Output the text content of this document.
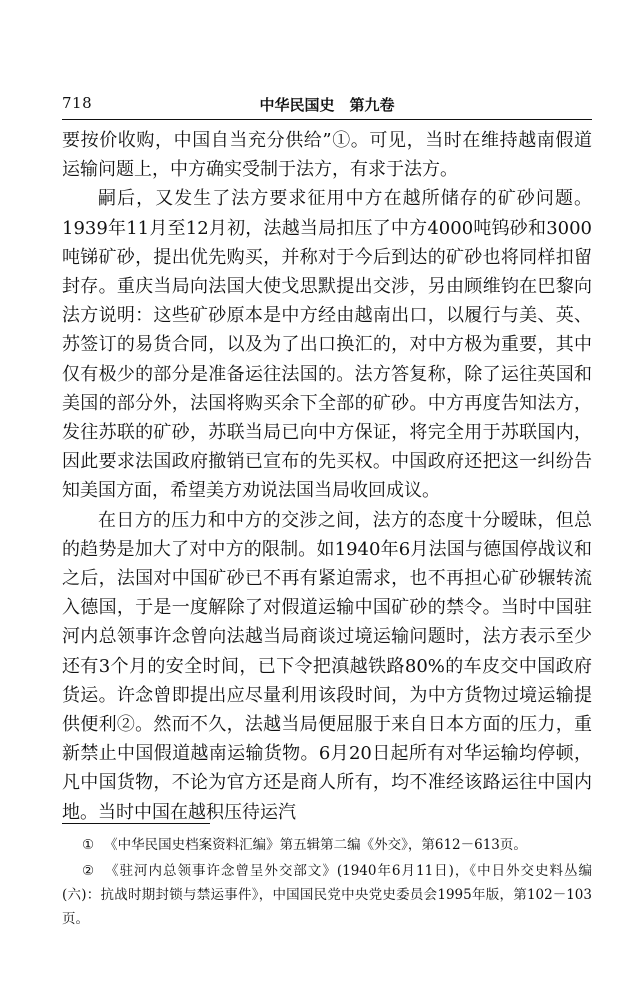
718	中华民国史　第九卷

要按价收购，中国自当充分供给”①。可见，当时在维持越南假道运输问题上，中方确实受制于法方，有求于法方。

嗣后，又发生了法方要求征用中方在越所储存的矿砂问题。1939年11月至12月初，法越当局扣压了中方4000吨钨砂和3000吨锑矿砂，提出优先购买，并称对于今后到达的矿砂也将同样扣留封存。重庆当局向法国大使戈思默提出交涉，另由顾维钧在巴黎向法方说明：这些矿砂原本是中方经由越南出口，以履行与美、英、苏签订的易货合同，以及为了出口换汇的，对中方极为重要，其中仅有极少的部分是准备运往法国的。法方答复称，除了运往英国和美国的部分外，法国将购买余下全部的矿砂。中方再度告知法方，发往苏联的矿砂，苏联当局已向中方保证，将完全用于苏联国内，因此要求法国政府撤销已宣布的先买权。中国政府还把这一纠纷告知美国方面，希望美方劝说法国当局收回成议。

在日方的压力和中方的交涉之间，法方的态度十分暧昧，但总的趋势是加大了对中方的限制。如1940年6月法国与德国停战议和之后，法国对中国矿砂已不再有紧迫需求，也不再担心矿砂辗转流入德国，于是一度解除了对假道运输中国矿砂的禁令。当时中国驻河内总领事许念曾向法越当局商谈过境运输问题时，法方表示至少还有3个月的安全时间，已下令把滇越铁路80%的车皮交中国政府货运。许念曾即提出应尽量利用该段时间，为中方货物过境运输提供便利②。然而不久，法越当局便屈服于来自日本方面的压力，重新禁止中国假道越南运输货物。6月20日起所有对华运输均停顿，凡中国货物，不论为官方还是商人所有，均不准经该路运往中国内地。当时中国在越积压待运汽

① 《中华民国史档案资料汇编》第五辑第二编《外交》，第612－613页。

② 《驻河内总领事许念曾呈外交部文》(1940年6月11日)，《中日外交史料丛编(六)：抗战时期封锁与禁运事件》，中国国民党中央党史委员会1995年版，第102－103页。
